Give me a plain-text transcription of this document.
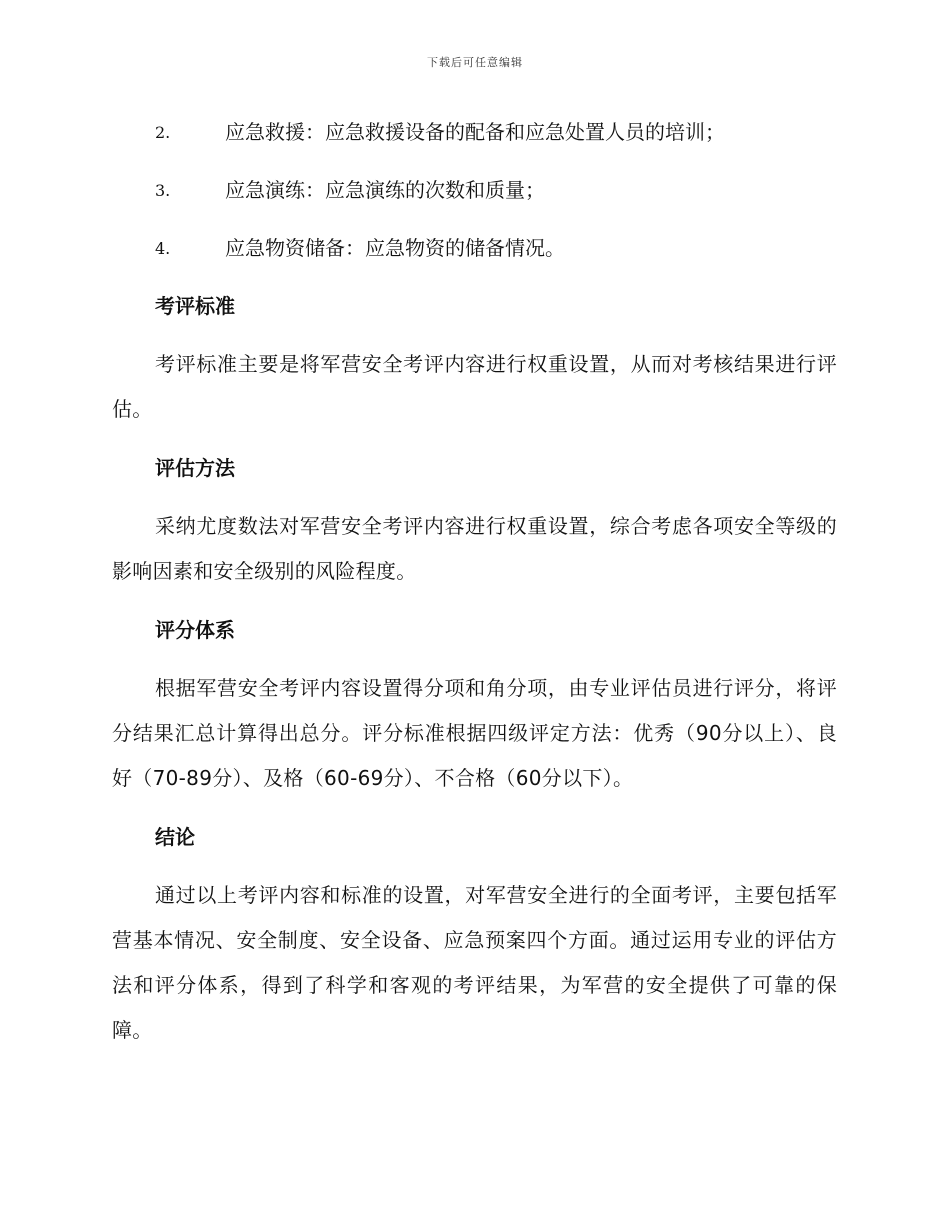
下载后可任意编辑
2.	应急救援：应急救援设备的配备和应急处置人员的培训；
3.	应急演练：应急演练的次数和质量；
4.	应急物资储备：应急物资的储备情况。
考评标准

考评标准主要是将军营安全考评内容进行权重设置，从而对考核结果进行评估。

评估方法

采纳尤度数法对军营安全考评内容进行权重设置，综合考虑各项安全等级的影响因素和安全级别的风险程度。

评分体系

根据军营安全考评内容设置得分项和角分项，由专业评估员进行评分，将评分结果汇总计算得出总分。评分标准根据四级评定方法：优秀（90分以上）、良好（70-89分）、及格（60-69分）、不合格（60分以下）。

结论

通过以上考评内容和标准的设置，对军营安全进行的全面考评，主要包括军营基本情况、安全制度、安全设备、应急预案四个方面。通过运用专业的评估方法和评分体系，得到了科学和客观的考评结果，为军营的安全提供了可靠的保障。
